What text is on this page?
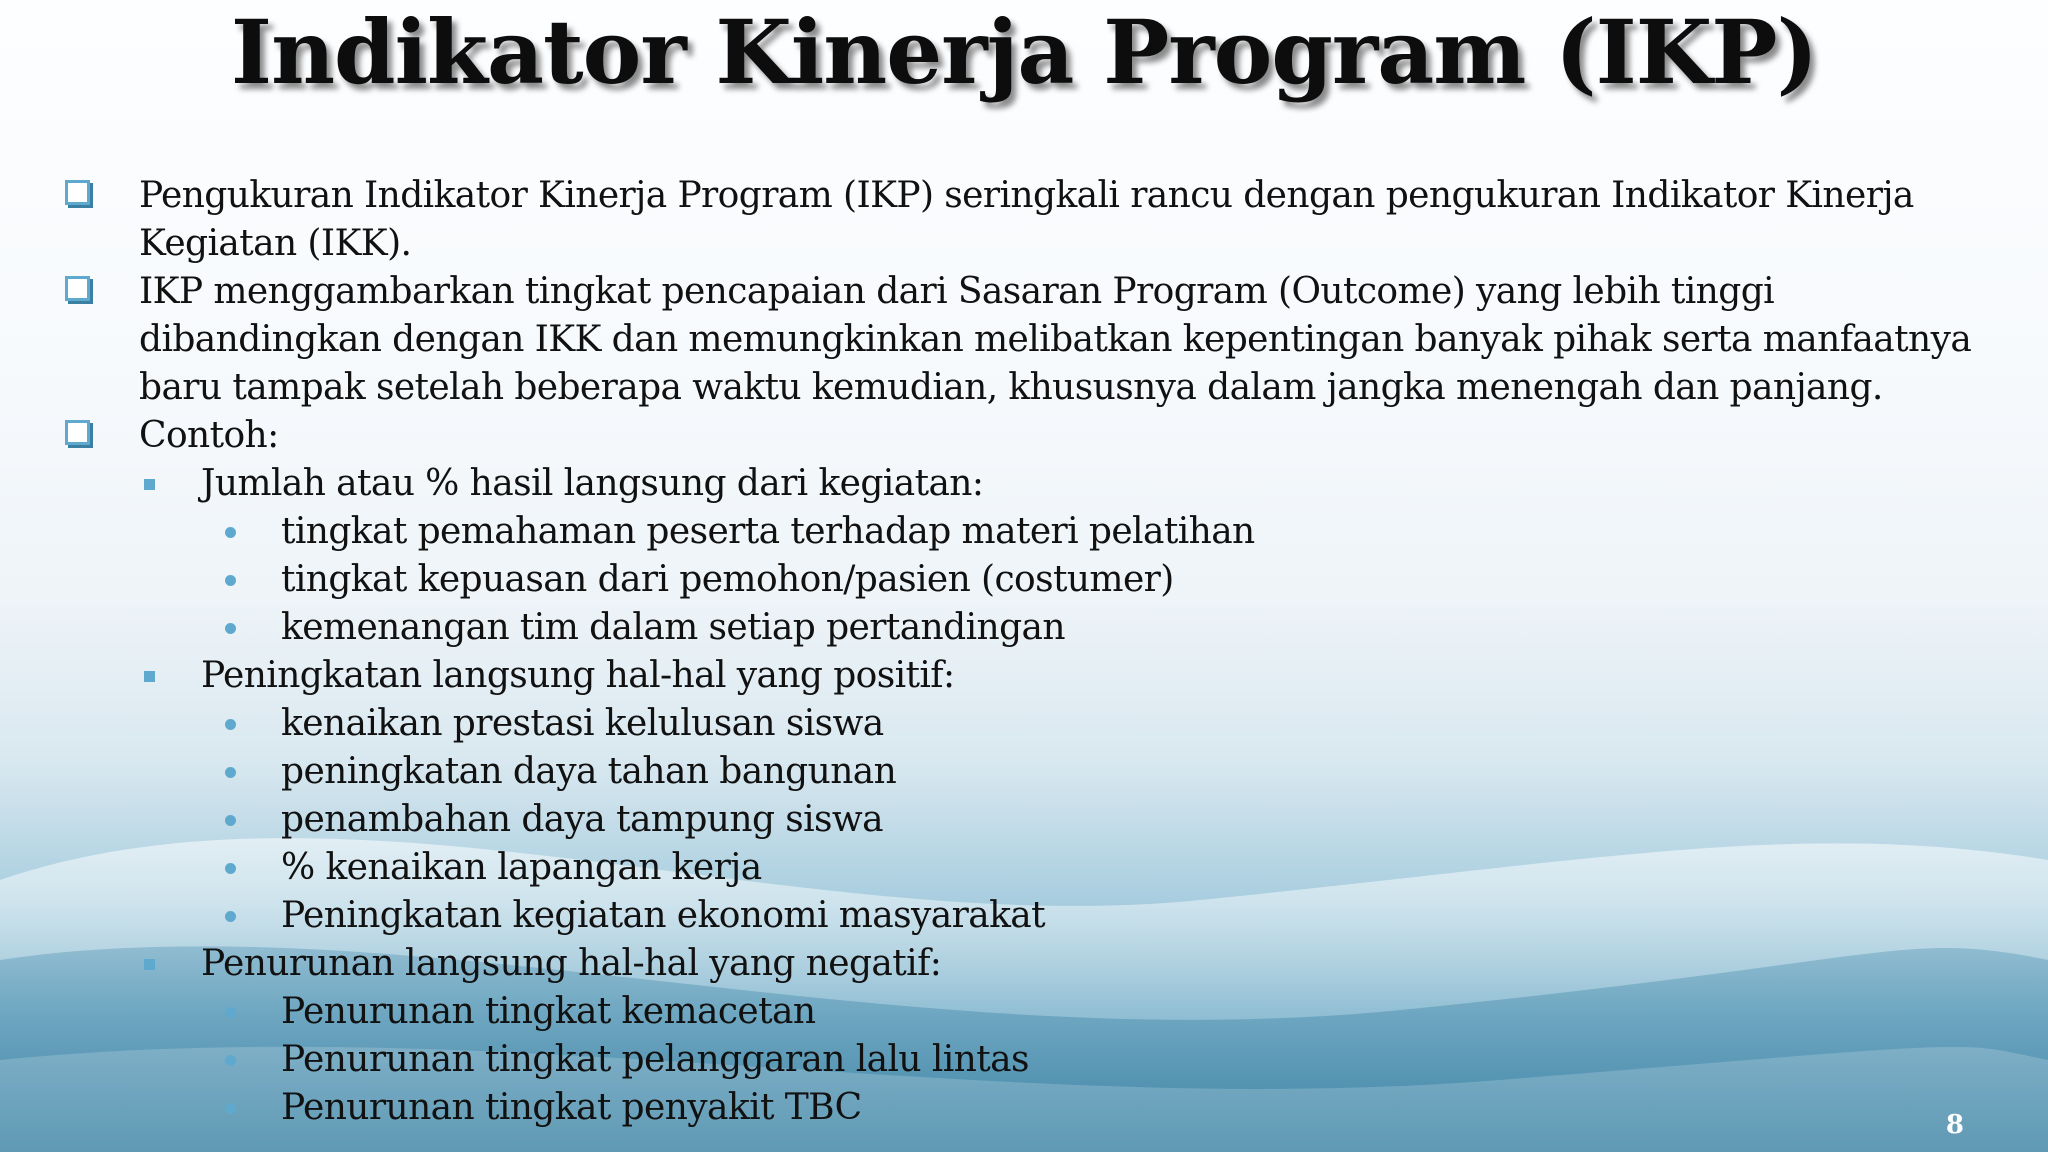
Indikator Kinerja Program (IKP)
Pengukuran Indikator Kinerja Program (IKP) seringkali rancu dengan pengukuran Indikator Kinerja Kegiatan (IKK).
IKP menggambarkan tingkat pencapaian dari Sasaran Program (Outcome) yang lebih tinggi dibandingkan dengan IKK dan memungkinkan melibatkan kepentingan banyak pihak serta manfaatnya baru tampak setelah beberapa waktu kemudian, khususnya dalam jangka menengah dan panjang.
Contoh:
Jumlah atau % hasil langsung dari kegiatan:
tingkat pemahaman peserta terhadap materi pelatihan
tingkat kepuasan dari pemohon/pasien (costumer)
kemenangan tim dalam setiap pertandingan
Peningkatan langsung hal-hal yang positif:
kenaikan prestasi kelulusan siswa
peningkatan daya tahan bangunan
penambahan daya tampung siswa
% kenaikan lapangan kerja
Peningkatan kegiatan ekonomi masyarakat
Penurunan langsung hal-hal yang negatif:
Penurunan tingkat kemacetan
Penurunan tingkat pelanggaran lalu lintas
Penurunan tingkat penyakit TBC	8
